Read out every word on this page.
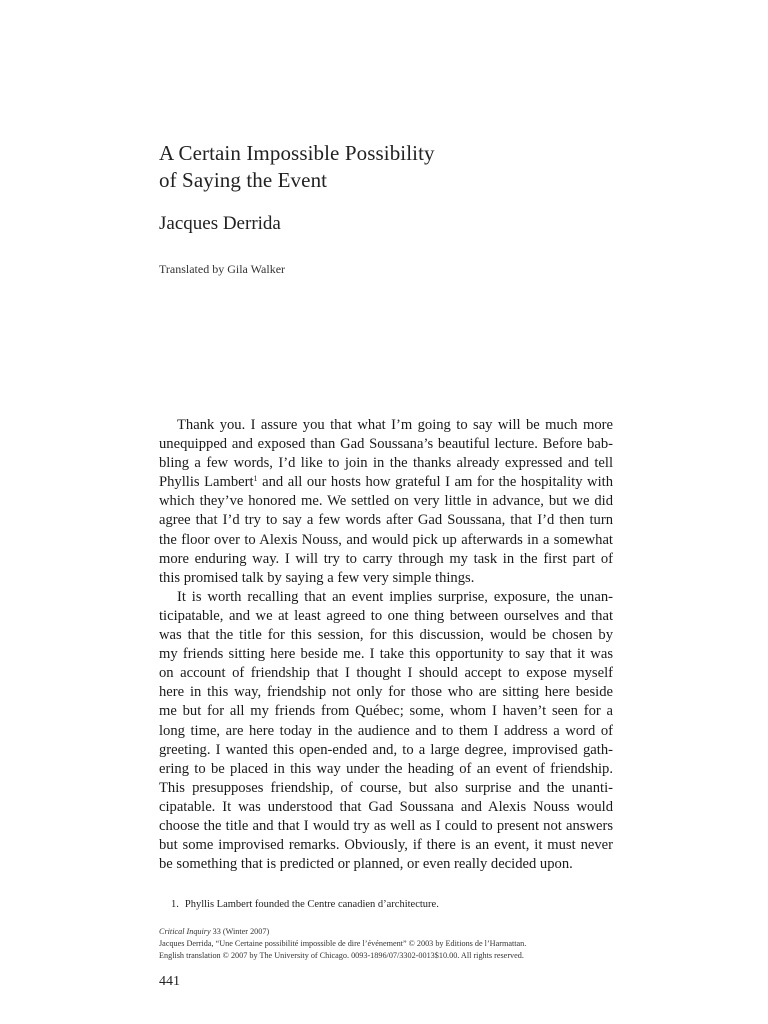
A Certain Impossible Possibility
of Saying the Event
Jacques Derrida
Translated by Gila Walker
Thank you. I assure you that what I’m going to say will be much more
unequipped and exposed than Gad Soussana’s beautiful lecture. Before bab-
bling a few words, I’d like to join in the thanks already expressed and tell
Phyllis Lambert$^1$ and all our hosts how grateful I am for the hospitality with
which they’ve honored me. We settled on very little in advance, but we did
agree that I’d try to say a few words after Gad Soussana, that I’d then turn
the floor over to Alexis Nouss, and would pick up afterwards in a somewhat
more enduring way. I will try to carry through my task in the first part of
this promised talk by saying a few very simple things.
It is worth recalling that an event implies surprise, exposure, the unan-
ticipatable, and we at least agreed to one thing between ourselves and that
was that the title for this session, for this discussion, would be chosen by
my friends sitting here beside me. I take this opportunity to say that it was
on account of friendship that I thought I should accept to expose myself
here in this way, friendship not only for those who are sitting here beside
me but for all my friends from Québec; some, whom I haven’t seen for a
long time, are here today in the audience and to them I address a word of
greeting. I wanted this open-ended and, to a large degree, improvised gath-
ering to be placed in this way under the heading of an event of friendship.
This presupposes friendship, of course, but also surprise and the unanti-
cipatable. It was understood that Gad Soussana and Alexis Nouss would
choose the title and that I would try as well as I could to present not answers
but some improvised remarks. Obviously, if there is an event, it must never
be something that is predicted or planned, or even really decided upon.
1. Phyllis Lambert founded the Centre canadien d’architecture.
Critical Inquiry 33 (Winter 2007)
Jacques Derrida, “Une Certaine possibilité impossible de dire l’événement” © 2003 by Editions de l’Harmattan.
English translation © 2007 by The University of Chicago. 0093-1896/07/3302-0013$10.00. All rights reserved.
441
